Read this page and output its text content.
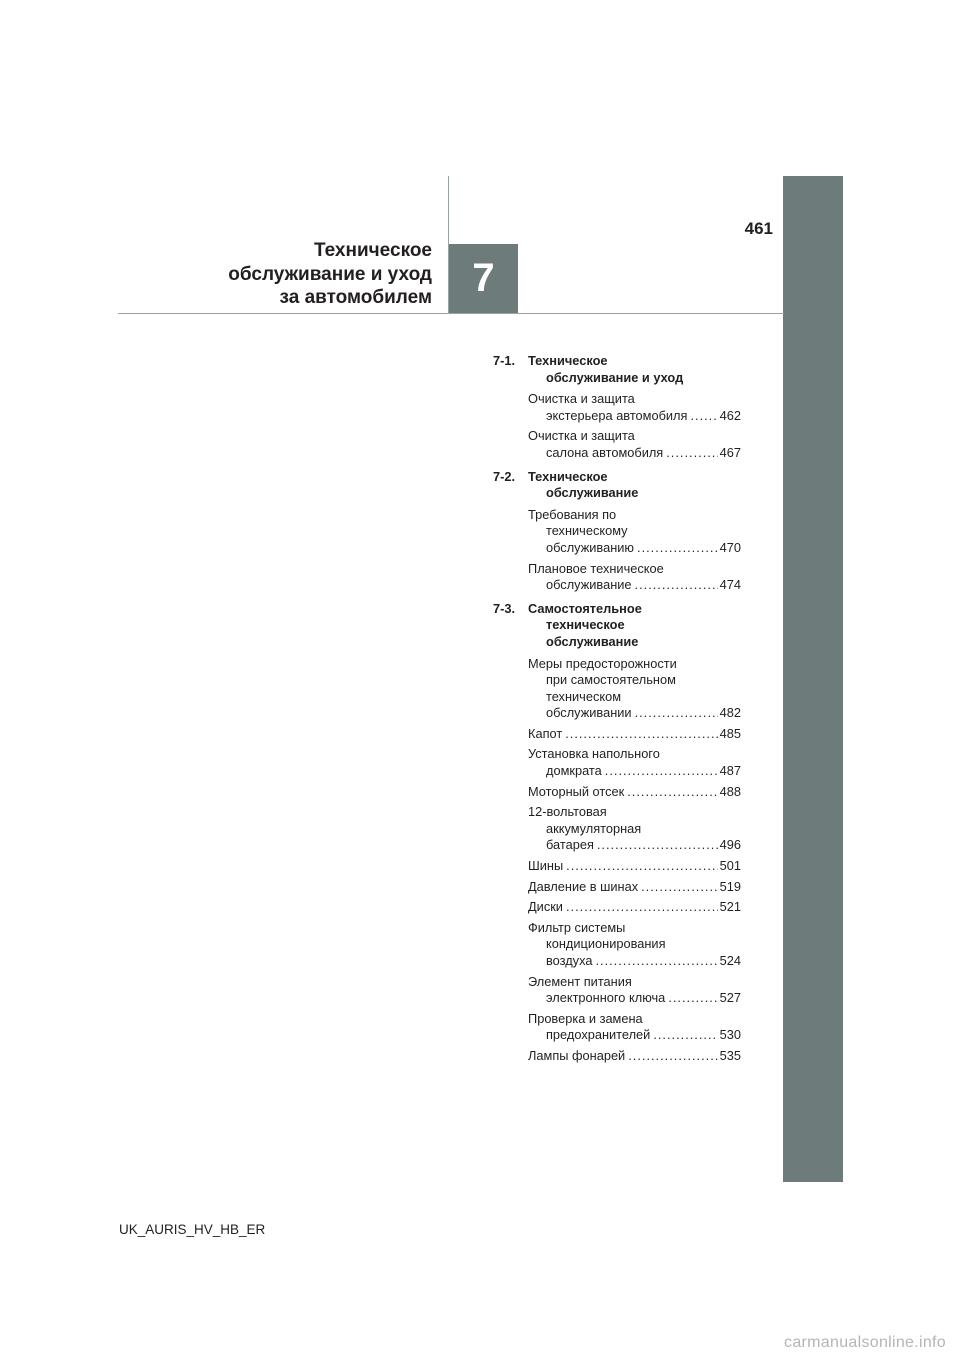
7
461
Техническое
обслуживание и уход
за автомобилем
7-1. Техническое
обслуживание и уход
Очистка и защита
экстерьера автомобиля .....	462
Очистка и защита
салона автомобиля .....	467
7-2. Техническое
обслуживание
Требования по
техническому
обслуживанию .....	470
Плановое техническое
обслуживание .....	474
7-3. Самостоятельное
техническое
обслуживание
Меры предосторожности
при самостоятельном
техническом
обслуживании .....	482
Капот .....	485
Установка напольного
домкрата .....	487
Моторный отсек .....	488
12-вольтовая
аккумуляторная
батарея .....	496
Шины .....	501
Давление в шинах .....	519
Диски .....	521
Фильтр системы
кондиционирования
воздуха .....	524
Элемент питания
электронного ключа .....	527
Проверка и замена
предохранителей .....	530
Лампы фонарей .....	535
UK_AURIS_HV_HB_ER
carmanualsonline.info
